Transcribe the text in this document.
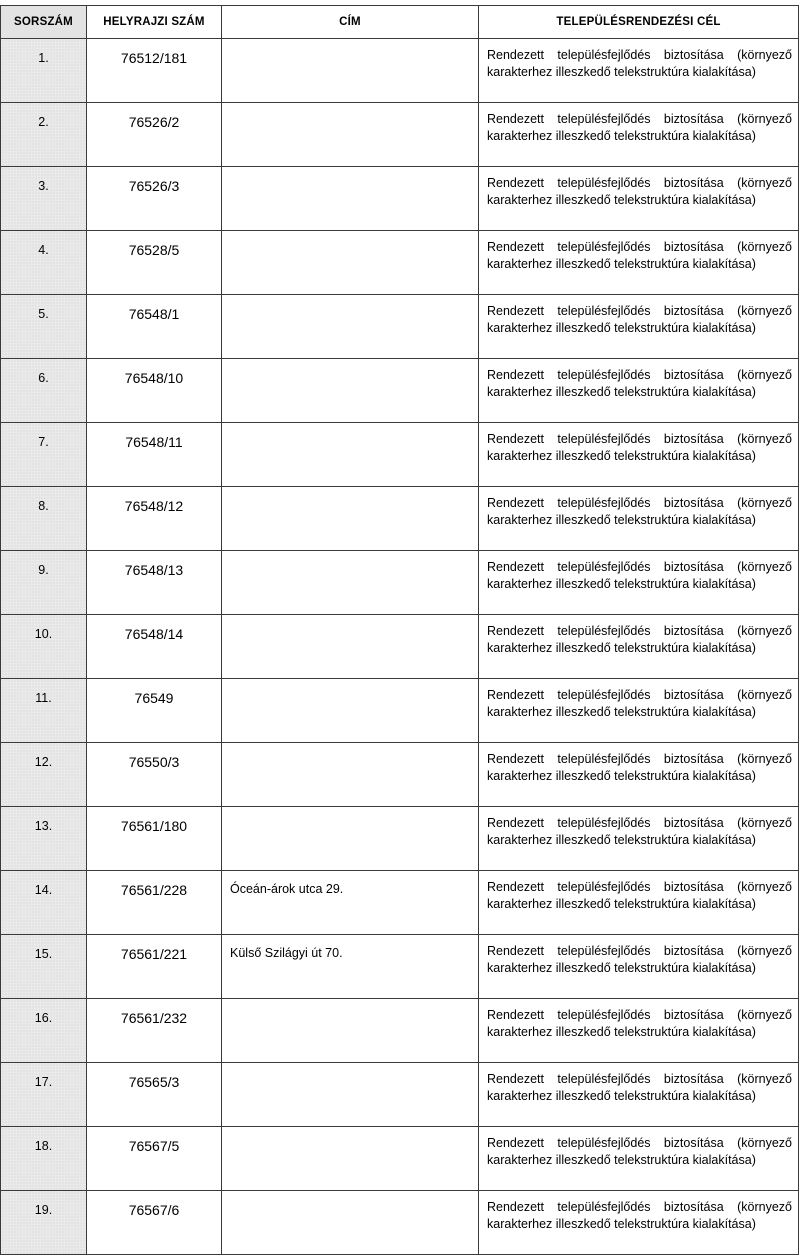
SORSZÁM	HELYRAJZI SZÁM	CÍM	TELEPÜLÉSRENDEZÉSI CÉL
1.	76512/181		Rendezett településfejlődés biztosítása (környező karakterhez illeszkedő telekstruktúra kialakítása)
2.	76526/2		Rendezett településfejlődés biztosítása (környező karakterhez illeszkedő telekstruktúra kialakítása)
3.	76526/3		Rendezett településfejlődés biztosítása (környező karakterhez illeszkedő telekstruktúra kialakítása)
4.	76528/5		Rendezett településfejlődés biztosítása (környező karakterhez illeszkedő telekstruktúra kialakítása)
5.	76548/1		Rendezett településfejlődés biztosítása (környező karakterhez illeszkedő telekstruktúra kialakítása)
6.	76548/10		Rendezett településfejlődés biztosítása (környező karakterhez illeszkedő telekstruktúra kialakítása)
7.	76548/11		Rendezett településfejlődés biztosítása (környező karakterhez illeszkedő telekstruktúra kialakítása)
8.	76548/12		Rendezett településfejlődés biztosítása (környező karakterhez illeszkedő telekstruktúra kialakítása)
9.	76548/13		Rendezett településfejlődés biztosítása (környező karakterhez illeszkedő telekstruktúra kialakítása)
10.	76548/14		Rendezett településfejlődés biztosítása (környező karakterhez illeszkedő telekstruktúra kialakítása)
11.	76549		Rendezett településfejlődés biztosítása (környező karakterhez illeszkedő telekstruktúra kialakítása)
12.	76550/3		Rendezett településfejlődés biztosítása (környező karakterhez illeszkedő telekstruktúra kialakítása)
13.	76561/180		Rendezett településfejlődés biztosítása (környező karakterhez illeszkedő telekstruktúra kialakítása)
14.	76561/228	Óceán-árok utca 29.	Rendezett településfejlődés biztosítása (környező karakterhez illeszkedő telekstruktúra kialakítása)
15.	76561/221	Külső Szilágyi út 70.	Rendezett településfejlődés biztosítása (környező karakterhez illeszkedő telekstruktúra kialakítása)
16.	76561/232		Rendezett településfejlődés biztosítása (környező karakterhez illeszkedő telekstruktúra kialakítása)
17.	76565/3		Rendezett településfejlődés biztosítása (környező karakterhez illeszkedő telekstruktúra kialakítása)
18.	76567/5		Rendezett településfejlődés biztosítása (környező karakterhez illeszkedő telekstruktúra kialakítása)
19.	76567/6		Rendezett településfejlődés biztosítása (környező karakterhez illeszkedő telekstruktúra kialakítása)
